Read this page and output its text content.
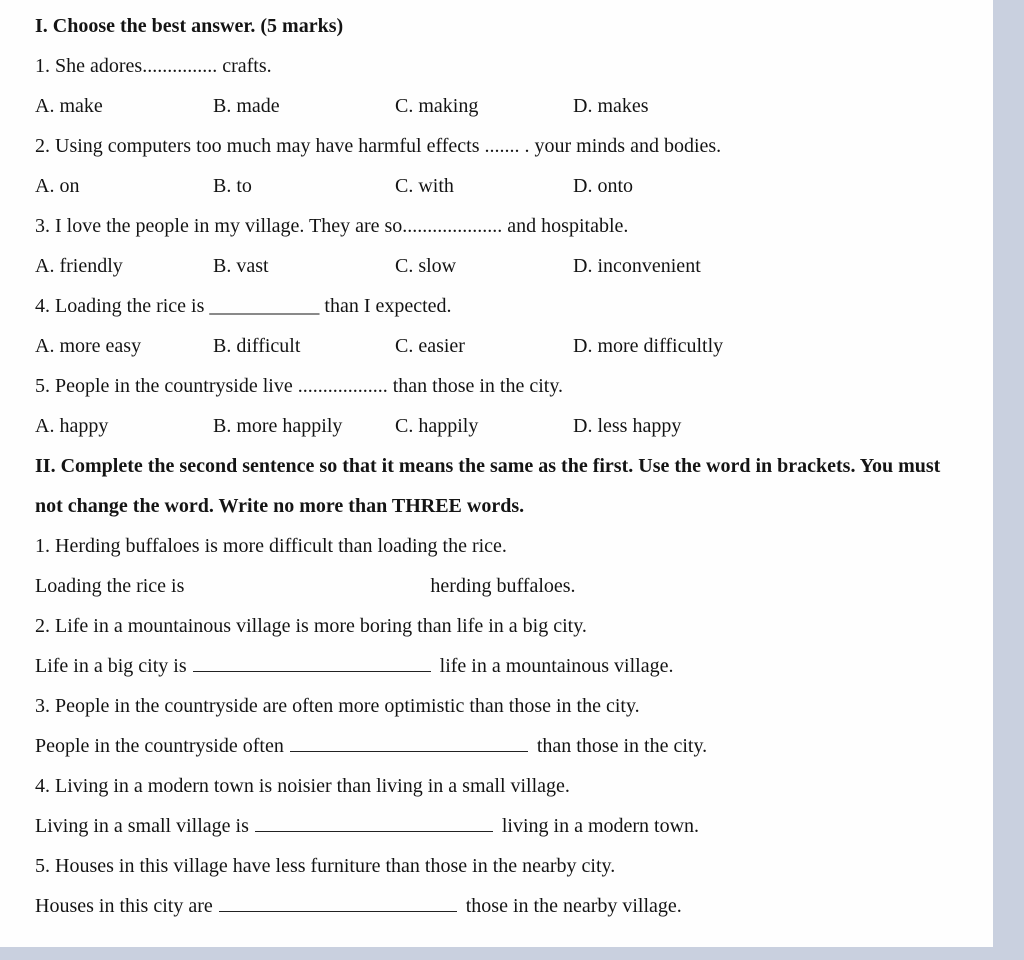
I. Choose the best answer. (5 marks)
1. She adores............... crafts.
A. make	B. made	C. making	D. makes
2. Using computers too much may have harmful effects ....... . your minds and bodies.
A. on	B. to	C. with	D. onto
3. I love the people in my village. They are so.................... and hospitable.
A. friendly	B. vast	C. slow	D. inconvenient
4. Loading the rice is ___________ than I expected.
A. more easy	B. difficult	C. easier	D. more difficultly
5. People in the countryside live .................. than those in the city.
A. happy	B. more happily	C. happily	D. less happy
II. Complete the second sentence so that it means the same as the first. Use the word in brackets. You must not change the word. Write no more than THREE words.
1. Herding buffaloes is more difficult than loading the rice.
Loading the rice is	herding buffaloes.
2. Life in a mountainous village is more boring than life in a big city.
Life in a big city is	life in a mountainous village.
3. People in the countryside are often more optimistic than those in the city.
People in the countryside often	than those in the city.
4. Living in a modern town is noisier than living in a small village.
Living in a small village is	living in a modern town.
5. Houses in this village have less furniture than those in the nearby city.
Houses in this city are	those in the nearby village.
